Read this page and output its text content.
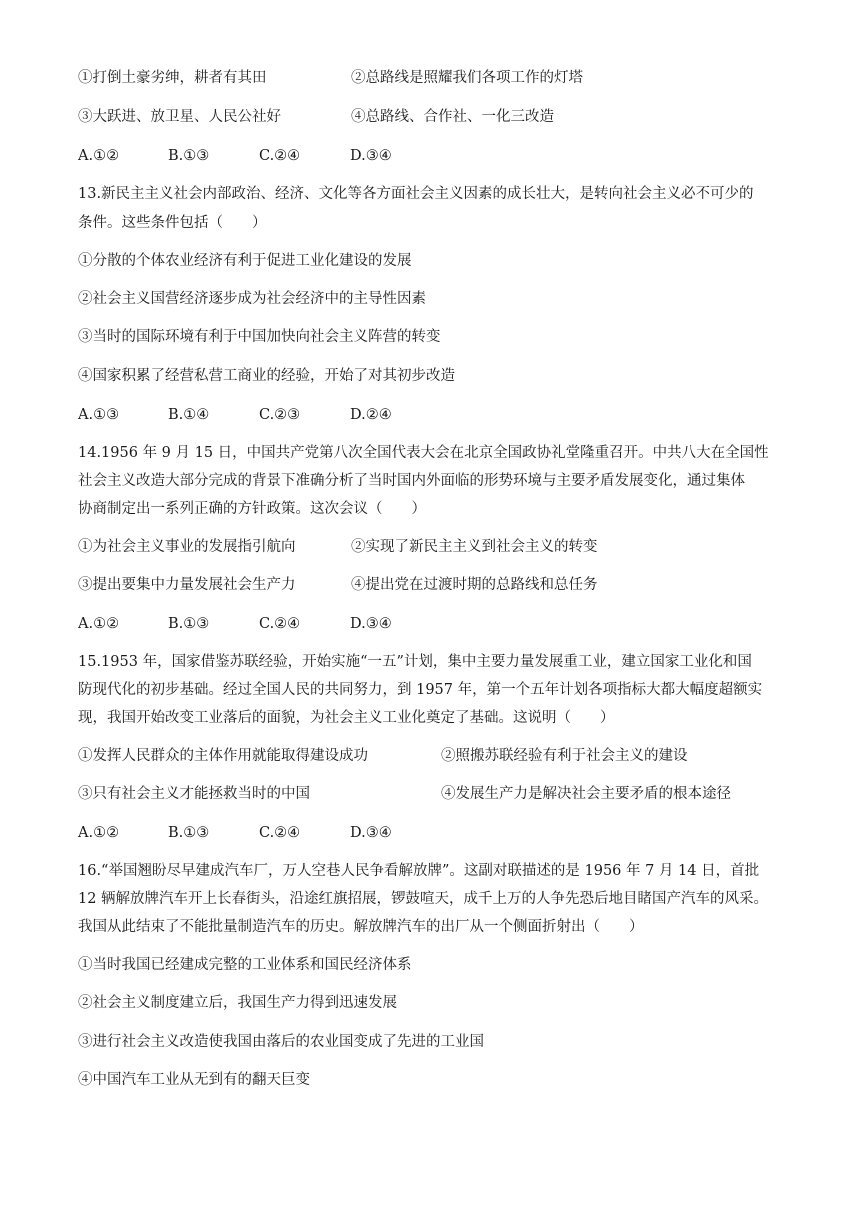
①打倒土豪劣绅，耕者有其田	②总路线是照耀我们各项工作的灯塔
③大跃进、放卫星、人民公社好	④总路线、合作社、一化三改造
A.①②	B.①③	C.②④	D.③④
13.新民主主义社会内部政治、经济、文化等各方面社会主义因素的成长壮大，是转向社会主义必不可少的
条件。这些条件包括（　　）
①分散的个体农业经济有利于促进工业化建设的发展
②社会主义国营经济逐步成为社会经济中的主导性因素
③当时的国际环境有利于中国加快向社会主义阵营的转变
④国家积累了经营私营工商业的经验，开始了对其初步改造
A.①③	B.①④	C.②③	D.②④
14.1956 年 9 月 15 日，中国共产党第八次全国代表大会在北京全国政协礼堂隆重召开。中共八大在全国性
社会主义改造大部分完成的背景下准确分析了当时国内外面临的形势环境与主要矛盾发展变化，通过集体
协商制定出一系列正确的方针政策。这次会议（　　）
①为社会主义事业的发展指引航向	②实现了新民主主义到社会主义的转变
③提出要集中力量发展社会生产力	④提出党在过渡时期的总路线和总任务
A.①②	B.①③	C.②④	D.③④
15.1953 年，国家借鉴苏联经验，开始实施“一五”计划，集中主要力量发展重工业，建立国家工业化和国
防现代化的初步基础。经过全国人民的共同努力，到 1957 年，第一个五年计划各项指标大都大幅度超额实
现，我国开始改变工业落后的面貌，为社会主义工业化奠定了基础。这说明（　　）
①发挥人民群众的主体作用就能取得建设成功	②照搬苏联经验有利于社会主义的建设
③只有社会主义才能拯救当时的中国	④发展生产力是解决社会主要矛盾的根本途径
A.①②	B.①③	C.②④	D.③④
16.“举国翘盼尽早建成汽车厂，万人空巷人民争看解放牌”。这副对联描述的是 1956 年 7 月 14 日，首批
12 辆解放牌汽车开上长春街头，沿途红旗招展，锣鼓喧天，成千上万的人争先恐后地目睹国产汽车的风采。
我国从此结束了不能批量制造汽车的历史。解放牌汽车的出厂从一个侧面折射出（　　）
①当时我国已经建成完整的工业体系和国民经济体系
②社会主义制度建立后，我国生产力得到迅速发展
③进行社会主义改造使我国由落后的农业国变成了先进的工业国
④中国汽车工业从无到有的翻天巨变
